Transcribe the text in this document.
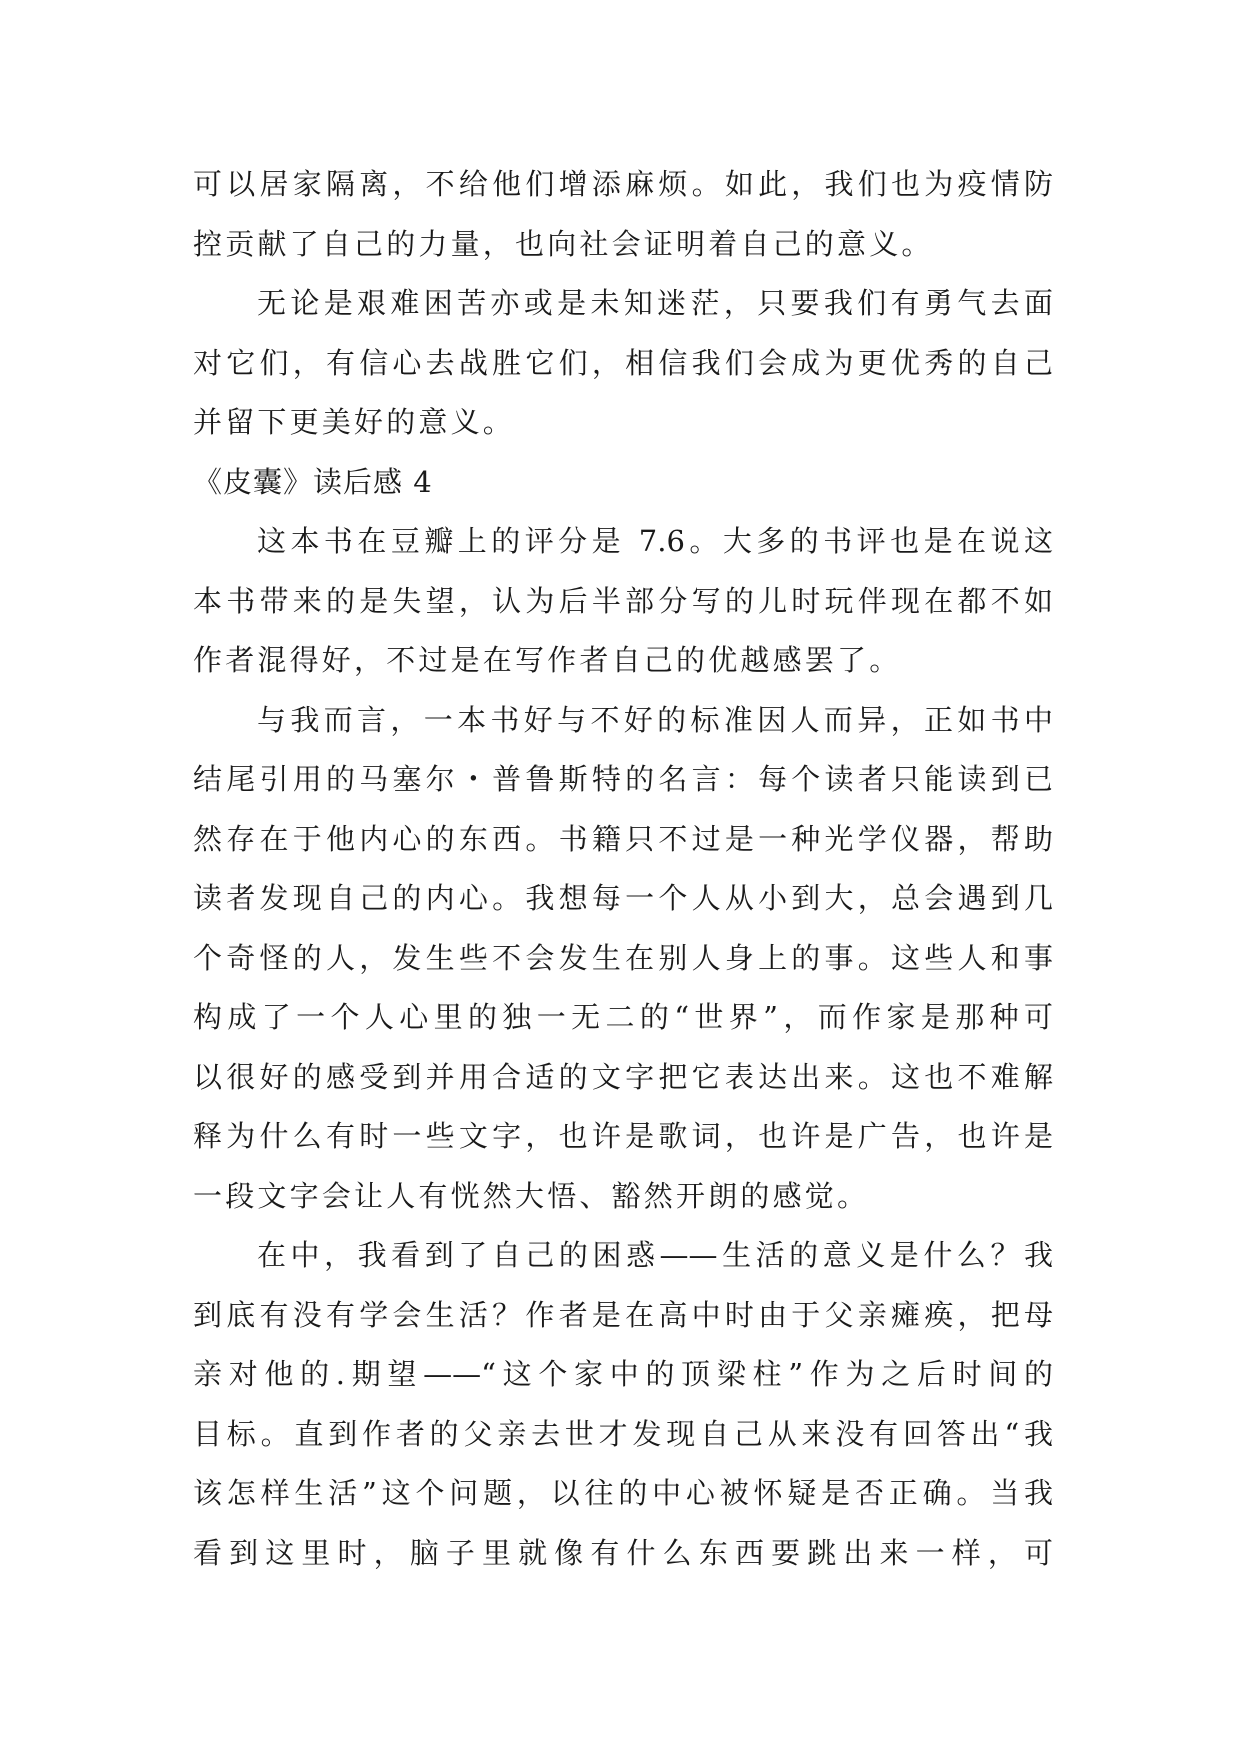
可以居家隔离，不给他们增添麻烦。如此，我们也为疫情防
控贡献了自己的力量，也向社会证明着自己的意义。
无论是艰难困苦亦或是未知迷茫，只要我们有勇气去面
对它们，有信心去战胜它们，相信我们会成为更优秀的自己
并留下更美好的意义。
《皮囊》读后感 4
这本书在豆瓣上的评分是 7.6。大多的书评也是在说这
本书带来的是失望，认为后半部分写的儿时玩伴现在都不如
作者混得好，不过是在写作者自己的优越感罢了。
与我而言，一本书好与不好的标准因人而异，正如书中
结尾引用的马塞尔・普鲁斯特的名言：每个读者只能读到已
然存在于他内心的东西。书籍只不过是一种光学仪器，帮助
读者发现自己的内心。我想每一个人从小到大，总会遇到几
个奇怪的人，发生些不会发生在别人身上的事。这些人和事
构成了一个人心里的独一无二的“世界”，而作家是那种可
以很好的感受到并用合适的文字把它表达出来。这也不难解
释为什么有时一些文字，也许是歌词，也许是广告，也许是
一段文字会让人有恍然大悟、豁然开朗的感觉。
在中，我看到了自己的困惑——生活的意义是什么？我
到底有没有学会生活？作者是在高中时由于父亲瘫痪，把母
亲对他的.期望——“这个家中的顶梁柱”作为之后时间的
目标。直到作者的父亲去世才发现自己从来没有回答出“我
该怎样生活”这个问题，以往的中心被怀疑是否正确。当我
看到这里时，脑子里就像有什么东西要跳出来一样，可
